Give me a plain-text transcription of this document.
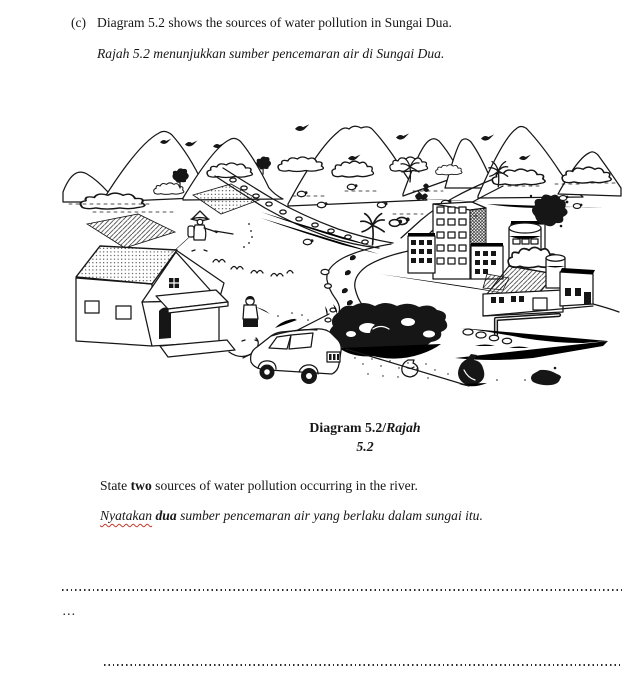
(c) Diagram 5.2 shows the sources of water pollution in Sungai Dua.
Rajah 5.2 menunjukkan sumber pencemaran air di Sungai Dua.
Diagram 5.2/Rajah
5.2
State two sources of water pollution occurring in the river.
Nyatakan dua sumber pencemaran air yang berlaku dalam sungai itu.
…
